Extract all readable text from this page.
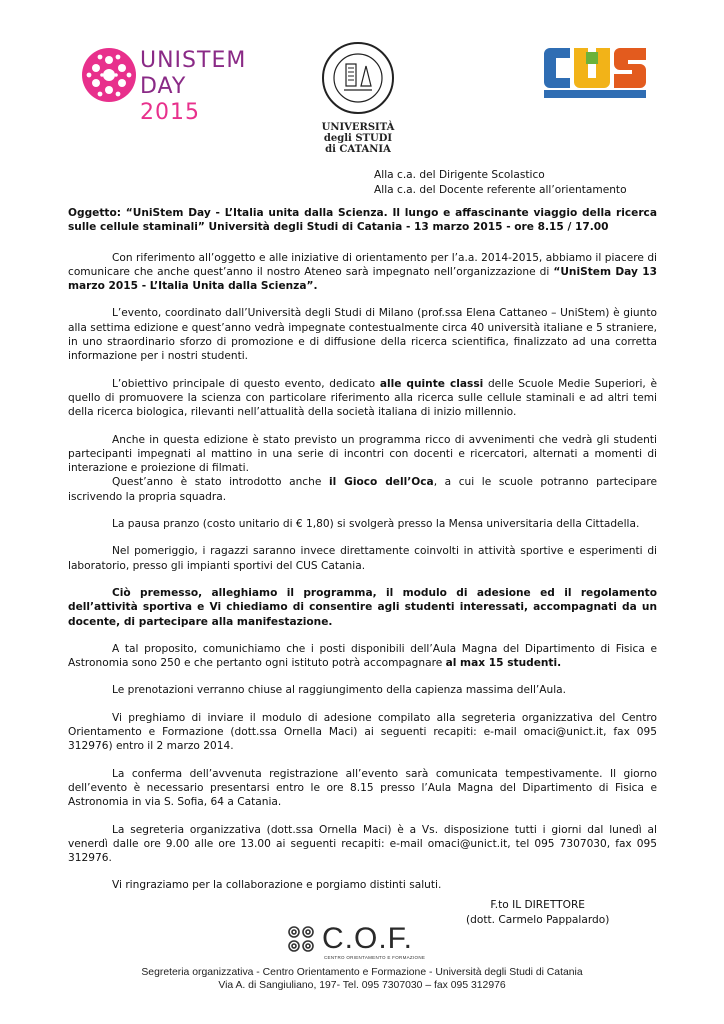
UNISTEM
DAY 2015
UNIVERSITÀ
degli STUDI
di CATANIA
Alla c.a. del Dirigente Scolastico
Alla c.a. del Docente referente all’orientamento

Oggetto: “UniStem Day - L’Italia unita dalla Scienza. Il lungo e affascinante viaggio della ricerca sulle cellule staminali” Università degli Studi di Catania - 13 marzo 2015 - ore 8.15 / 17.00

Con riferimento all’oggetto e alle iniziative di orientamento per l’a.a. 2014-2015, abbiamo il piacere di comunicare che anche quest’anno il nostro Ateneo sarà impegnato nell’organizzazione di “UniStem Day 13 marzo 2015 - L’Italia Unita dalla Scienza”.

L’evento, coordinato dall’Università degli Studi di Milano (prof.ssa Elena Cattaneo – UniStem) è giunto alla settima edizione e quest’anno vedrà impegnate contestualmente circa 40 università italiane e 5 straniere, in uno straordinario sforzo di promozione e di diffusione della ricerca scientifica, finalizzato ad una corretta informazione per i nostri studenti.

L’obiettivo principale di questo evento, dedicato alle quinte classi delle Scuole Medie Superiori, è quello di promuovere la scienza con particolare riferimento alla ricerca sulle cellule staminali e ad altri temi della ricerca biologica, rilevanti nell’attualità della società italiana di inizio millennio.

Anche in questa edizione è stato previsto un programma ricco di avvenimenti che vedrà gli studenti partecipanti impegnati al mattino in una serie di incontri con docenti e ricercatori, alternati a momenti di interazione e proiezione di filmati.

Quest’anno è stato introdotto anche il Gioco dell’Oca, a cui le scuole potranno partecipare iscrivendo la propria squadra.

La pausa pranzo (costo unitario di € 1,80) si svolgerà presso la Mensa universitaria della Cittadella.

Nel pomeriggio, i ragazzi saranno invece direttamente coinvolti in attività sportive e esperimenti di laboratorio, presso gli impianti sportivi del CUS Catania.

Ciò premesso, alleghiamo il programma, il modulo di adesione ed il regolamento dell’attività sportiva e Vi chiediamo di consentire agli studenti interessati, accompagnati da un docente, di partecipare alla manifestazione.

A tal proposito, comunichiamo che i posti disponibili dell’Aula Magna del Dipartimento di Fisica e Astronomia sono 250 e che pertanto ogni istituto potrà accompagnare al max 15 studenti.

Le prenotazioni verranno chiuse al raggiungimento della capienza massima dell’Aula.

Vi preghiamo di inviare il modulo di adesione compilato alla segreteria organizzativa del Centro Orientamento e Formazione (dott.ssa Ornella Maci) ai seguenti recapiti: e-mail omaci@unict.it, fax 095 312976) entro il 2 marzo 2014.

La conferma dell’avvenuta registrazione all’evento sarà comunicata tempestivamente. Il giorno dell’evento è necessario presentarsi entro le ore 8.15 presso l’Aula Magna del Dipartimento di Fisica e Astronomia in via S. Sofia, 64 a Catania.

La segreteria organizzativa (dott.ssa Ornella Maci) è a Vs. disposizione tutti i giorni dal lunedì al venerdì dalle ore 9.00 alle ore 13.00 ai seguenti recapiti: e-mail omaci@unict.it, tel 095 7307030, fax 095 312976.

Vi ringraziamo per la collaborazione e porgiamo distinti saluti.

F.to IL DIRETTORE
(dott. Carmelo Pappalardo)
C.O.F.
CENTRO ORIENTAMENTO E FORMAZIONE
Segreteria organizzativa - Centro Orientamento e Formazione - Università degli Studi di Catania
Via A. di Sangiuliano, 197- Tel. 095 7307030 – fax 095 312976
